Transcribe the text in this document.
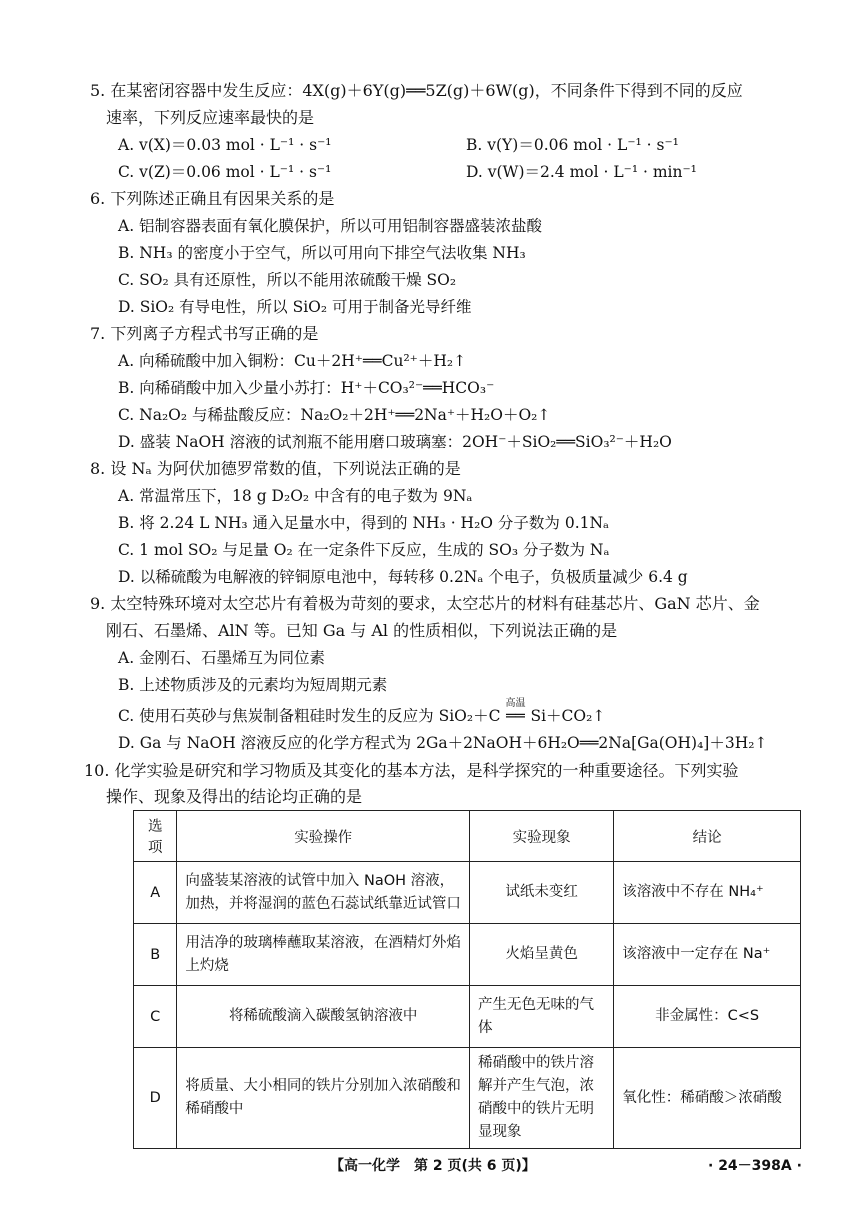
5. 在某密闭容器中发生反应：4X(g)＋6Y(g)══5Z(g)＋6W(g)，不同条件下得到不同的反应
速率，下列反应速率最快的是
A. v(X)＝0.03 mol · L⁻¹ · s⁻¹	B. v(Y)＝0.06 mol · L⁻¹ · s⁻¹
C. v(Z)＝0.06 mol · L⁻¹ · s⁻¹	D. v(W)＝2.4 mol · L⁻¹ · min⁻¹
6. 下列陈述正确且有因果关系的是
A. 铝制容器表面有氧化膜保护，所以可用铝制容器盛装浓盐酸
B. NH₃ 的密度小于空气，所以可用向下排空气法收集 NH₃
C. SO₂ 具有还原性，所以不能用浓硫酸干燥 SO₂
D. SiO₂ 有导电性，所以 SiO₂ 可用于制备光导纤维
7. 下列离子方程式书写正确的是
A. 向稀硫酸中加入铜粉：Cu＋2H⁺══Cu²⁺＋H₂↑
B. 向稀硝酸中加入少量小苏打：H⁺＋CO₃²⁻══HCO₃⁻
C. Na₂O₂ 与稀盐酸反应：Na₂O₂＋2H⁺══2Na⁺＋H₂O＋O₂↑
D. 盛装 NaOH 溶液的试剂瓶不能用磨口玻璃塞：2OH⁻＋SiO₂══SiO₃²⁻＋H₂O
8. 设 Nₐ 为阿伏加德罗常数的值，下列说法正确的是
A. 常温常压下，18 g D₂O₂ 中含有的电子数为 9Nₐ
B. 将 2.24 L NH₃ 通入足量水中，得到的 NH₃ · H₂O 分子数为 0.1Nₐ
C. 1 mol SO₂ 与足量 O₂ 在一定条件下反应，生成的 SO₃ 分子数为 Nₐ
D. 以稀硫酸为电解液的锌铜原电池中，每转移 0.2Nₐ 个电子，负极质量减少 6.4 g
9. 太空特殊环境对太空芯片有着极为苛刻的要求，太空芯片的材料有硅基芯片、GaN 芯片、金
刚石、石墨烯、AlN 等。已知 Ga 与 Al 的性质相似，下列说法正确的是
A. 金刚石、石墨烯互为同位素
B. 上述物质涉及的元素均为短周期元素
C. 使用石英砂与焦炭制备粗硅时发生的反应为 SiO₂＋C
高温
══ Si＋CO₂↑
D. Ga 与 NaOH 溶液反应的化学方程式为 2Ga＋2NaOH＋6H₂O══2Na[Ga(OH)₄]＋3H₂↑
10. 化学实验是研究和学习物质及其变化的基本方法，是科学探究的一种重要途径。下列实验
操作、现象及得出的结论均正确的是
选项	实验操作	实验现象	结论
A	向盛装某溶液的试管中加入 NaOH 溶液，加热，并将湿润的蓝色石蕊试纸靠近试管口	试纸未变红	该溶液中不存在 NH₄⁺
B	用洁净的玻璃棒蘸取某溶液，在酒精灯外焰上灼烧	火焰呈黄色	该溶液中一定存在 Na⁺
C	将稀硫酸滴入碳酸氢钠溶液中	产生无色无味的气体	非金属性：C<S
D	将质量、大小相同的铁片分别加入浓硝酸和稀硝酸中	稀硝酸中的铁片溶解并产生气泡，浓硝酸中的铁片无明显现象	氧化性：稀硝酸＞浓硝酸
【高一化学　第 2 页(共 6 页)】	· 24－398A ·
